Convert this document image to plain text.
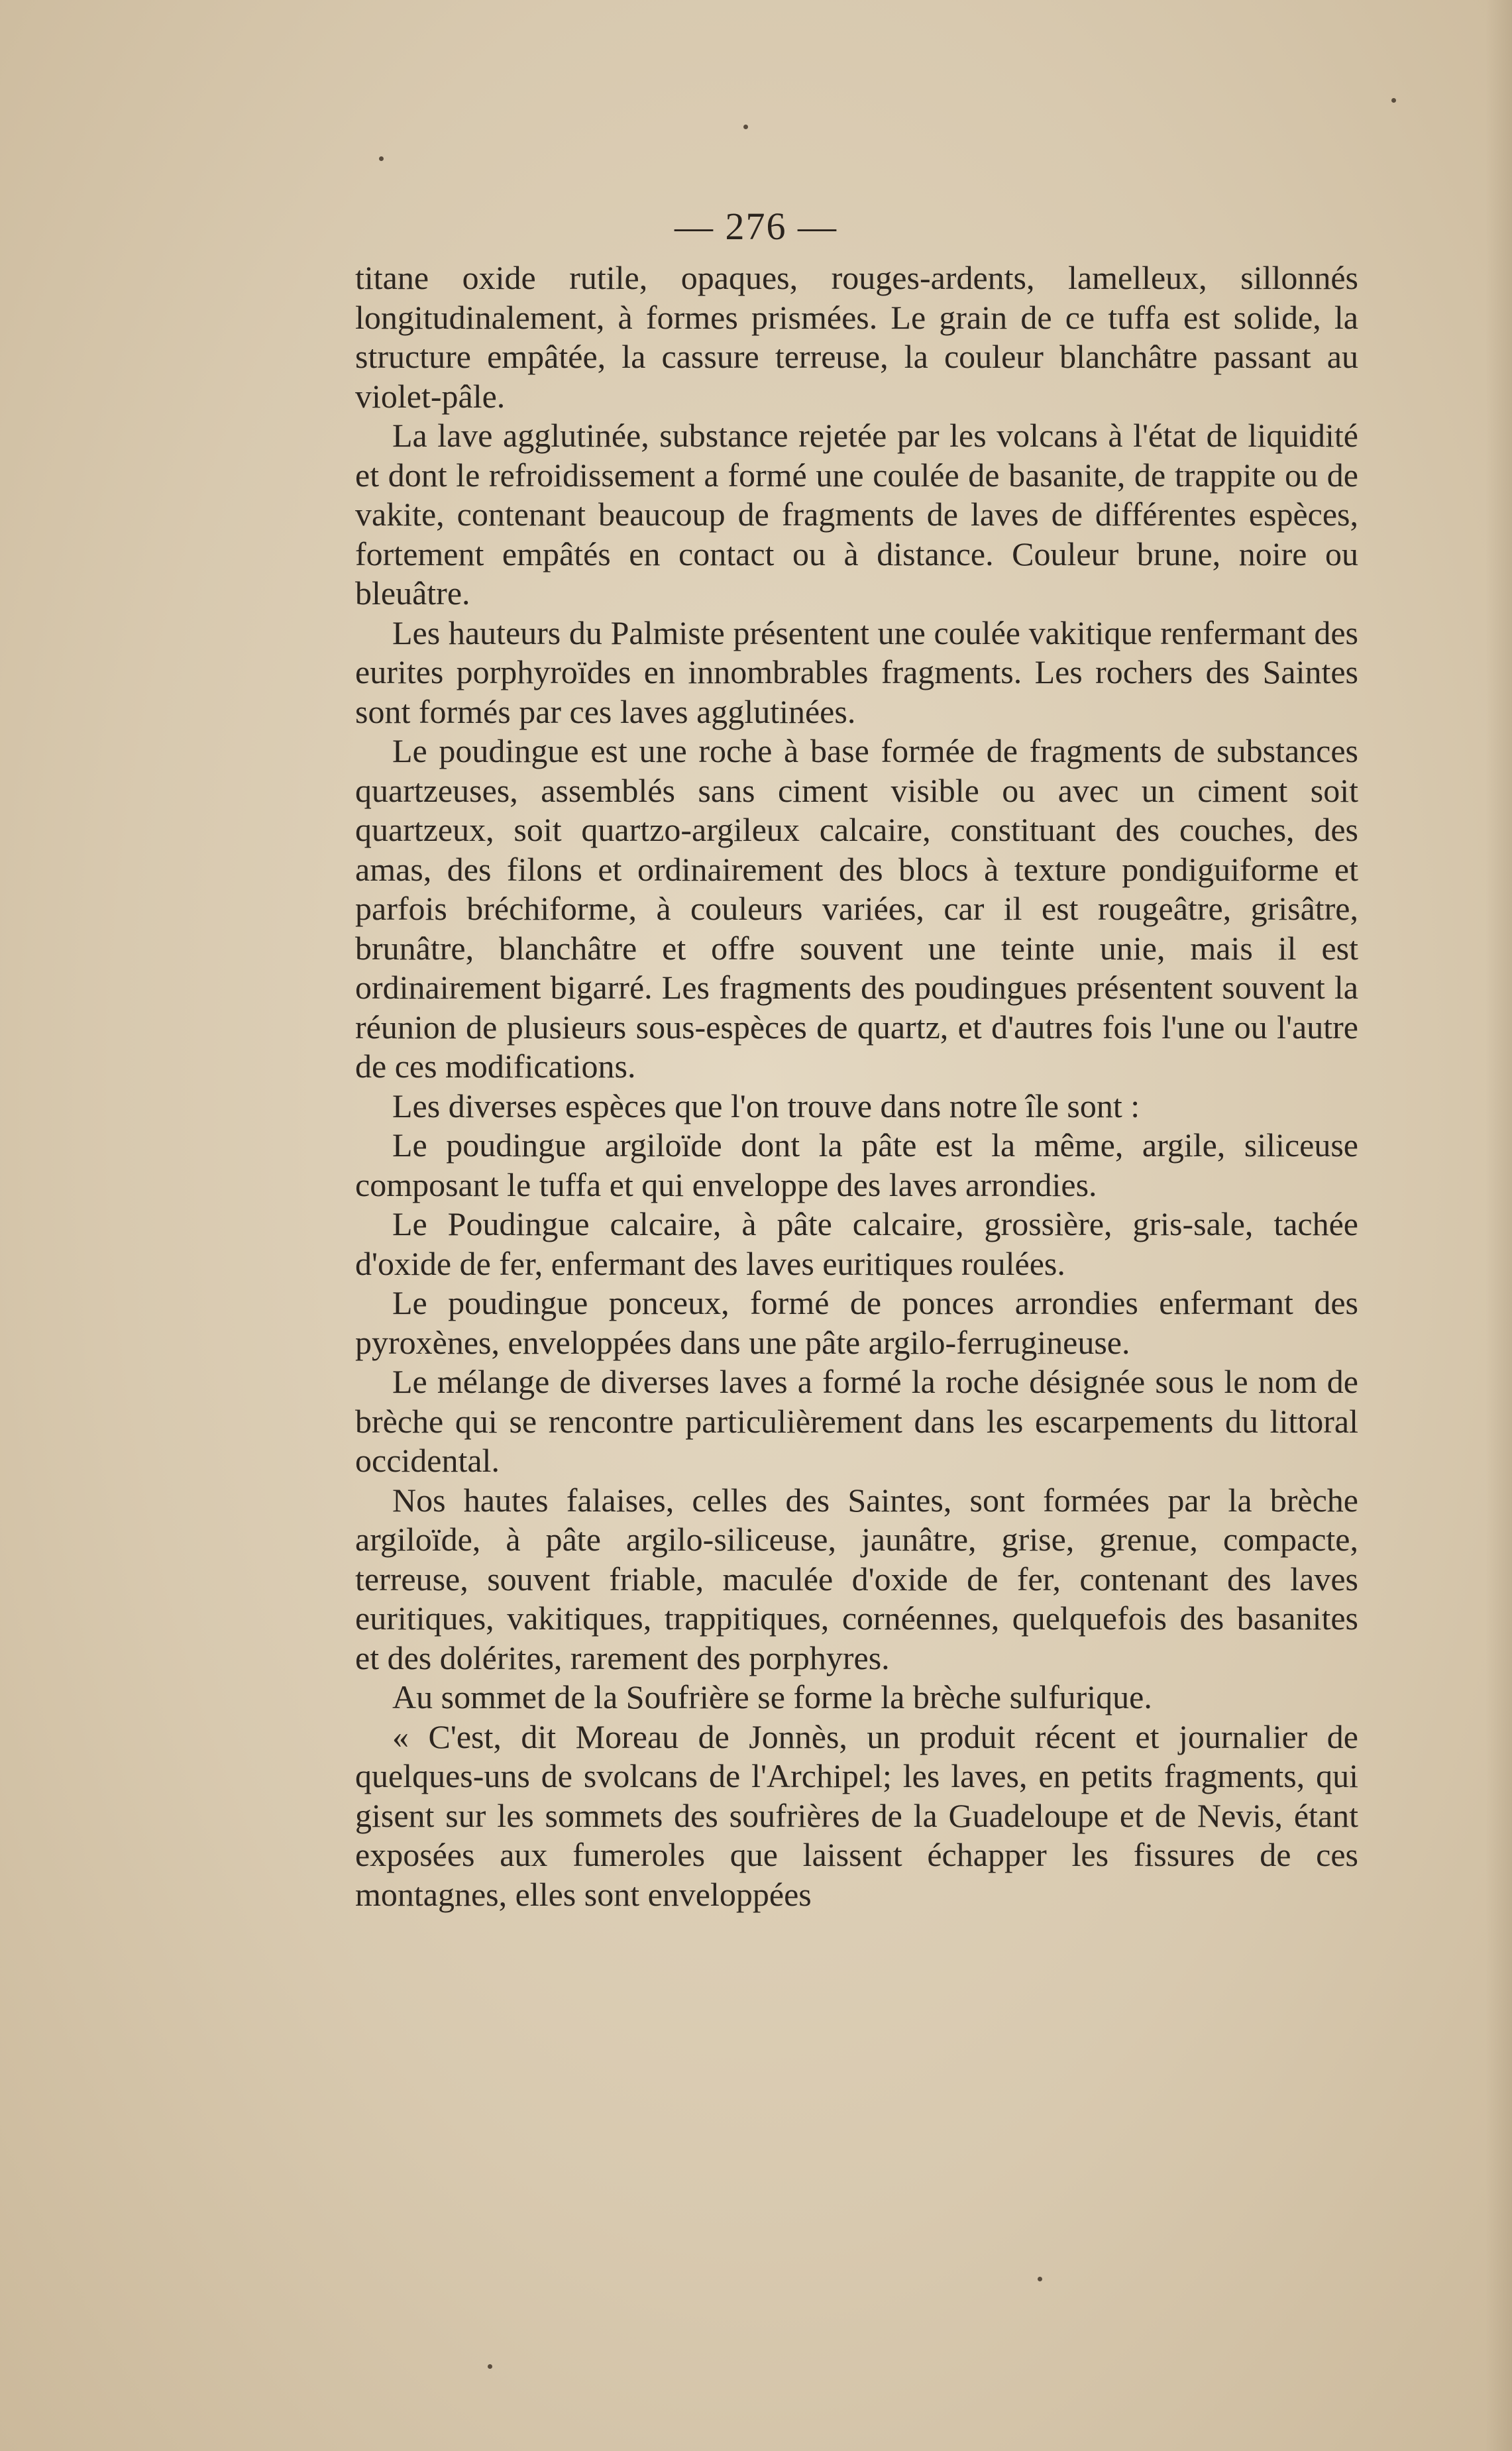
— 276 —

titane oxide rutile, opaques, rouges-ardents, lamelleux, sillonnés longitudinalement, à formes prismées. Le grain de ce tuffa est solide, la structure empâtée, la cassure terreuse, la couleur blanchâtre passant au violet-pâle.

La lave agglutinée, substance rejetée par les volcans à l'état de liquidité et dont le refroidissement a formé une coulée de basanite, de trappite ou de vakite, contenant beaucoup de fragments de laves de différentes espèces, fortement empâtés en contact ou à distance. Couleur brune, noire ou bleuâtre.

Les hauteurs du Palmiste présentent une coulée vakitique renfermant des eurites porphyroïdes en innombrables fragments. Les rochers des Saintes sont formés par ces laves agglutinées.

Le poudingue est une roche à base formée de fragments de substances quartzeuses, assemblés sans ciment visible ou avec un ciment soit quartzeux, soit quartzo-argileux calcaire, constituant des couches, des amas, des filons et ordinairement des blocs à texture pondiguiforme et parfois bréchiforme, à couleurs variées, car il est rougeâtre, grisâtre, brunâtre, blanchâtre et offre souvent une teinte unie, mais il est ordinairement bigarré. Les fragments des poudingues présentent souvent la réunion de plusieurs sous-espèces de quartz, et d'autres fois l'une ou l'autre de ces modifications.

Les diverses espèces que l'on trouve dans notre île sont :

Le poudingue argiloïde dont la pâte est la même, argile, siliceuse composant le tuffa et qui enveloppe des laves arrondies.

Le Poudingue calcaire, à pâte calcaire, grossière, gris-sale, tachée d'oxide de fer, enfermant des laves euritiques roulées.

Le poudingue ponceux, formé de ponces arrondies enfermant des pyroxènes, enveloppées dans une pâte argilo-ferrugineuse.

Le mélange de diverses laves a formé la roche désignée sous le nom de brèche qui se rencontre particulièrement dans les escarpements du littoral occidental.

Nos hautes falaises, celles des Saintes, sont formées par la brèche argiloïde, à pâte argilo-siliceuse, jaunâtre, grise, grenue, compacte, terreuse, souvent friable, maculée d'oxide de fer, contenant des laves euritiques, vakitiques, trappitiques, cornéennes, quelquefois des basanites et des dolérites, rarement des porphyres.

Au sommet de la Soufrière se forme la brèche sulfurique.

« C'est, dit Moreau de Jonnès, un produit récent et journalier de quelques-uns de svolcans de l'Archipel; les laves, en petits fragments, qui gisent sur les sommets des soufrières de la Guadeloupe et de Nevis, étant exposées aux fumeroles que laissent échapper les fissures de ces montagnes, elles sont enveloppées
